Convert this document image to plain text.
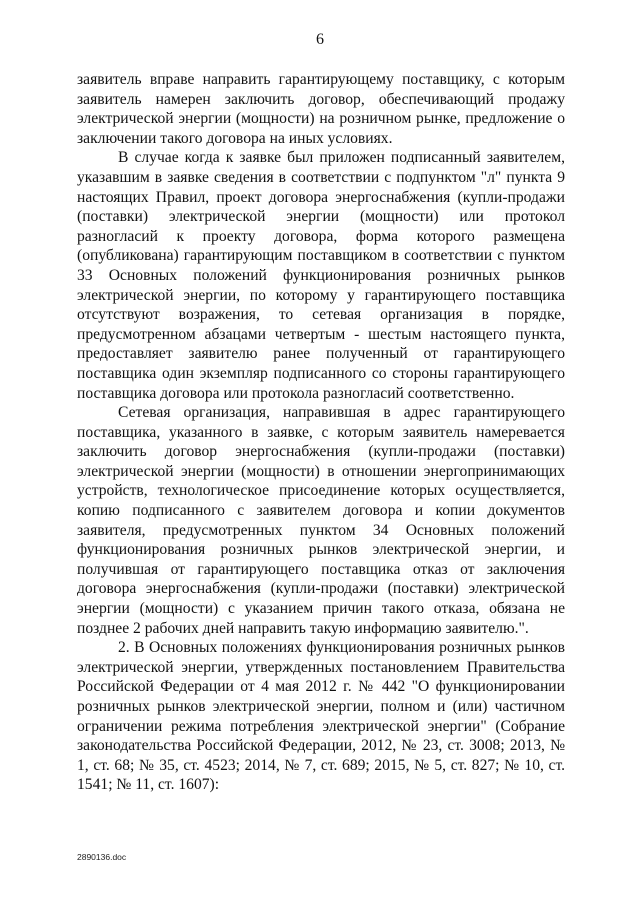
6

заявитель вправе направить гарантирующему поставщику, с которым заявитель намерен заключить договор, обеспечивающий продажу электрической энергии (мощности) на розничном рынке, предложение о заключении такого договора на иных условиях.

В случае когда к заявке был приложен подписанный заявителем, указавшим в заявке сведения в соответствии с подпунктом "л" пункта 9 настоящих Правил, проект договора энергоснабжения (купли-продажи (поставки) электрической энергии (мощности) или протокол разногласий к проекту договора, форма которого размещена (опубликована) гарантирующим поставщиком в соответствии с пунктом 33 Основных положений функционирования розничных рынков электрической энергии, по которому у гарантирующего поставщика отсутствуют возражения, то сетевая организация в порядке, предусмотренном абзацами четвертым - шестым настоящего пункта, предоставляет заявителю ранее полученный от гарантирующего поставщика один экземпляр подписанного со стороны гарантирующего поставщика договора или протокола разногласий соответственно.

Сетевая организация, направившая в адрес гарантирующего поставщика, указанного в заявке, с которым заявитель намеревается заключить договор энергоснабжения (купли-продажи (поставки) электрической энергии (мощности) в отношении энергопринимающих устройств, технологическое присоединение которых осуществляется, копию подписанного с заявителем договора и копии документов заявителя, предусмотренных пунктом 34 Основных положений функционирования розничных рынков электрической энергии, и получившая от гарантирующего поставщика отказ от заключения договора энергоснабжения (купли-продажи (поставки) электрической энергии (мощности) с указанием причин такого отказа, обязана не позднее 2 рабочих дней направить такую информацию заявителю.".

2. В Основных положениях функционирования розничных рынков электрической энергии, утвержденных постановлением Правительства Российской Федерации от 4 мая 2012 г. № 442 "О функционировании розничных рынков электрической энергии, полном и (или) частичном ограничении режима потребления электрической энергии" (Собрание законодательства Российской Федерации, 2012, № 23, ст. 3008; 2013, № 1, ст. 68; № 35, ст. 4523; 2014, № 7, ст. 689; 2015, № 5, ст. 827; № 10, ст. 1541; № 11, ст. 1607):

2890136.doc
